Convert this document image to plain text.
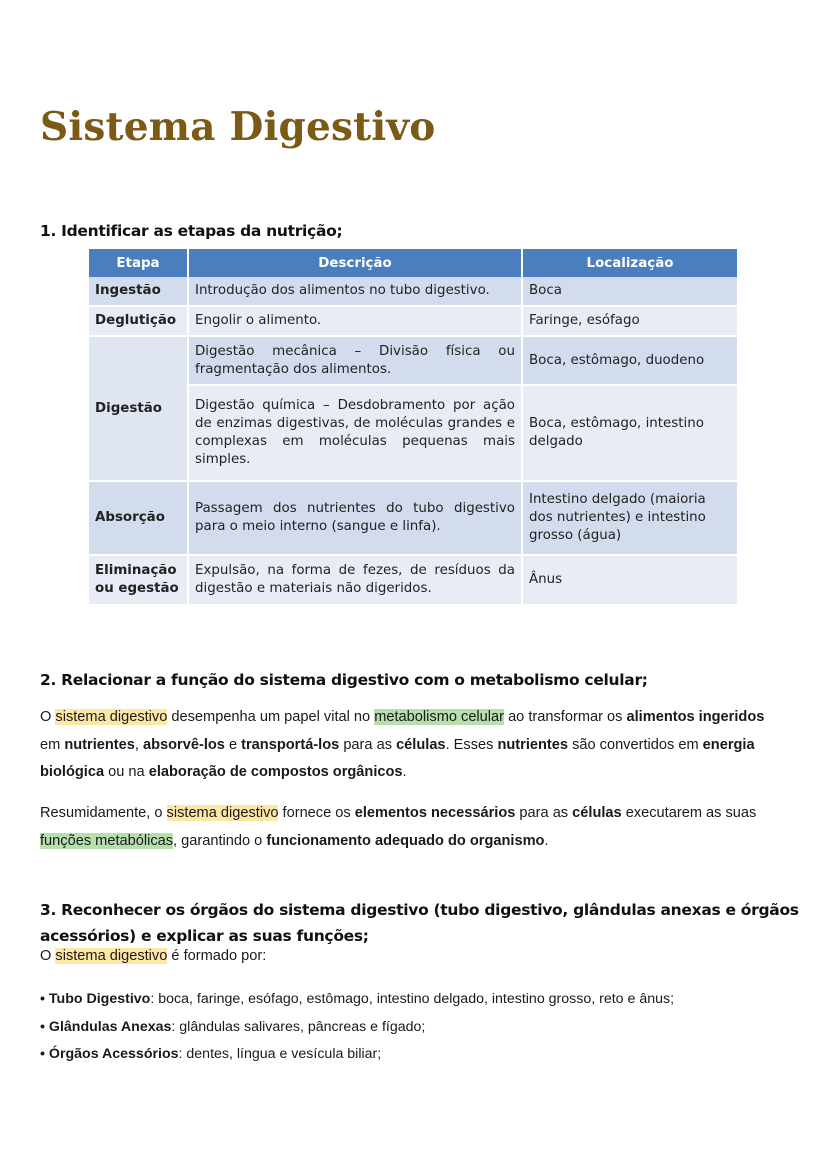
Sistema Digestivo
1. Identificar as etapas da nutrição;
Etapa	Descrição	Localização
Ingestão	Introdução dos alimentos no tubo digestivo.	Boca
Deglutição	Engolir o alimento.	Faringe, esófago
Digestão	Digestão mecânica – Divisão física ou fragmentação dos alimentos.	Boca, estômago, duodeno
	Digestão química – Desdobramento por ação de enzimas digestivas, de moléculas grandes e complexas em moléculas pequenas mais simples.	Boca, estômago, intestino delgado
Absorção	Passagem dos nutrientes do tubo digestivo para o meio interno (sangue e linfa).	Intestino delgado (maioria dos nutrientes) e intestino grosso (água)
Eliminação ou egestão	Expulsão, na forma de fezes, de resíduos da digestão e materiais não digeridos.	Ânus
2. Relacionar a função do sistema digestivo com o metabolismo celular;

O sistema digestivo desempenha um papel vital no metabolismo celular ao transformar os alimentos ingeridos
em nutrientes, absorvê-los e transportá-los para as células. Esses nutrientes são convertidos em energia biológica ou na elaboração de compostos orgânicos.

Resumidamente, o sistema digestivo fornece os elementos necessários para as células executarem as suas
funções metabólicas, garantindo o funcionamento adequado do organismo.

3. Reconhecer os órgãos do sistema digestivo (tubo digestivo, glândulas anexas e órgãos acessórios) e explicar as suas funções;

O sistema digestivo é formado por:

• Tubo Digestivo: boca, faringe, esófago, estômago, intestino delgado, intestino grosso, reto e ânus;
• Glândulas Anexas: glândulas salivares, pâncreas e fígado;
• Órgãos Acessórios: dentes, língua e vesícula biliar;
